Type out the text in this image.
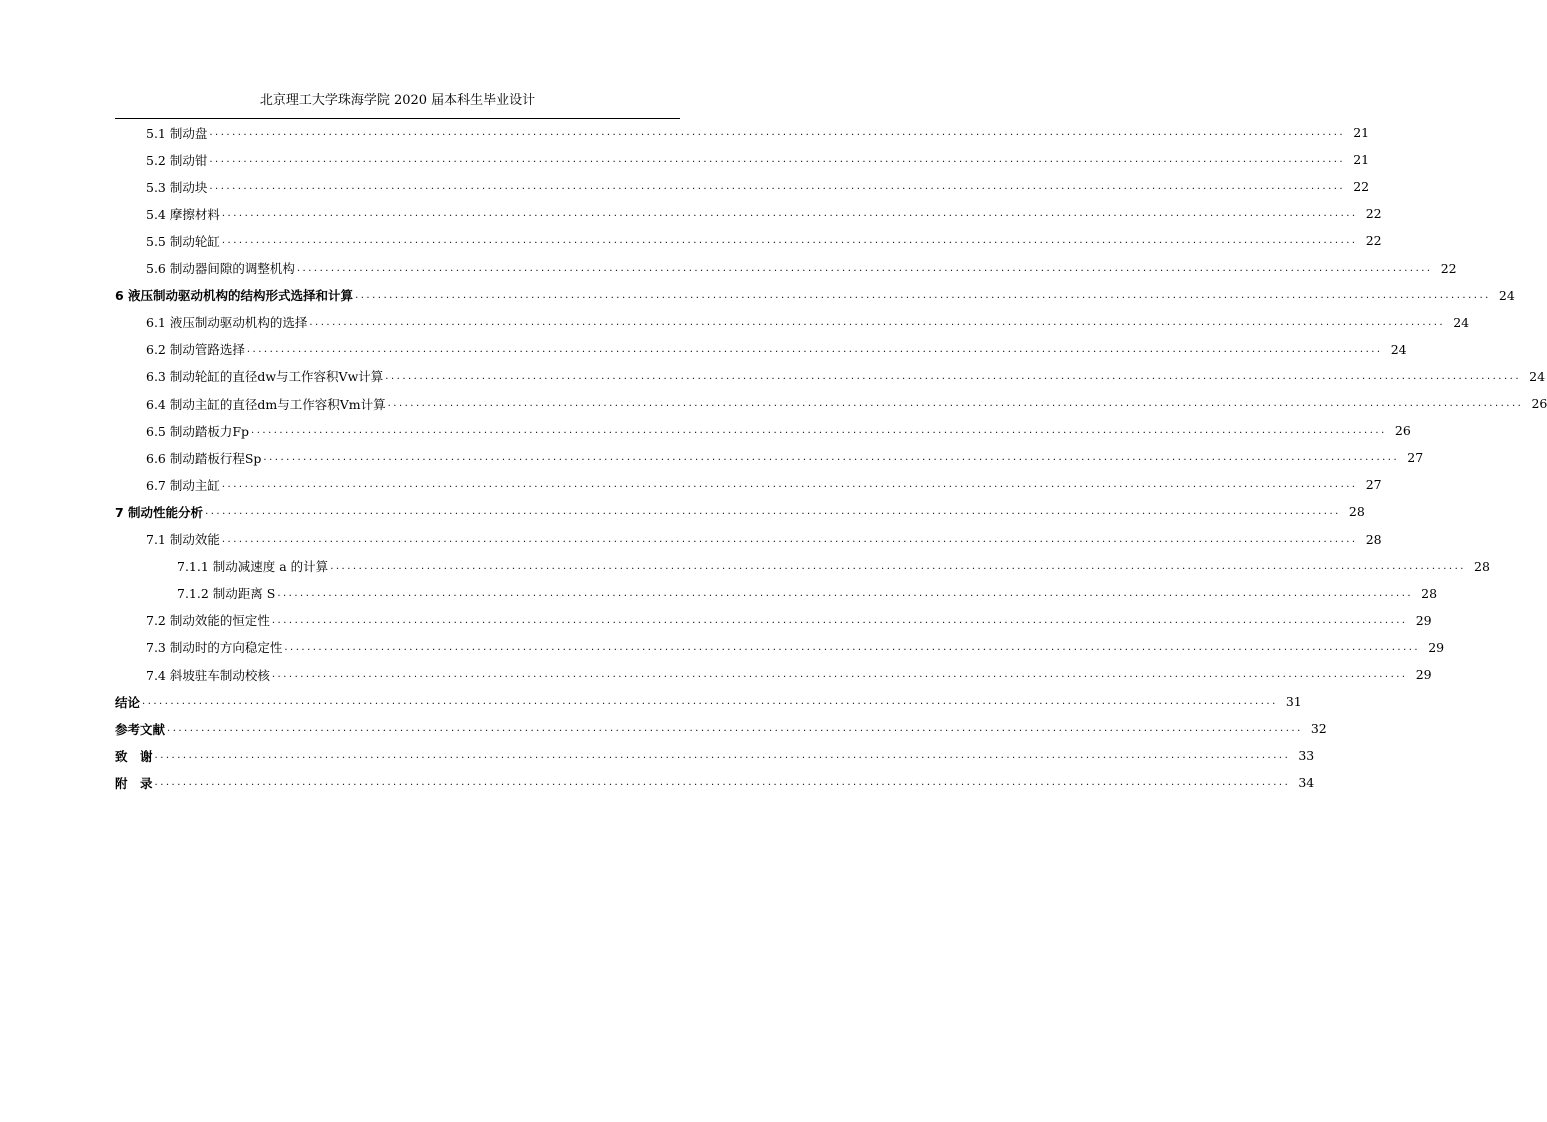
北京理工大学珠海学院 2020 届本科生毕业设计
5.1 制动盘 ........................................................................................................................................................................................................ 21
5.2 制动钳 ........................................................................................................................................................................................................ 21
5.3 制动块 ........................................................................................................................................................................................................ 22
5.4 摩擦材料 ........................................................................................................................................................................................................ 22
5.5 制动轮缸 ........................................................................................................................................................................................................ 22
5.6 制动器间隙的调整机构 ........................................................................................................................................................................................................ 22
6 液压制动驱动机构的结构形式选择和计算 ........................................................................................................................................................................................................ 24
6.1 液压制动驱动机构的选择 ........................................................................................................................................................................................................ 24
6.2 制动管路选择 ........................................................................................................................................................................................................ 24
6.3 制动轮缸的直径dw与工作容积Vw计算 ........................................................................................................................................................................................................ 24
6.4 制动主缸的直径dm与工作容积Vm计算 ........................................................................................................................................................................................................ 26
6.5 制动踏板力Fp ........................................................................................................................................................................................................ 26
6.6 制动踏板行程Sp ........................................................................................................................................................................................................ 27
6.7 制动主缸 ........................................................................................................................................................................................................ 27
7 制动性能分析 ........................................................................................................................................................................................................ 28
7.1 制动效能 ........................................................................................................................................................................................................ 28
7.1.1 制动减速度 a 的计算 ........................................................................................................................................................................................................ 28
7.1.2 制动距离 S ........................................................................................................................................................................................................ 28
7.2 制动效能的恒定性 ........................................................................................................................................................................................................ 29
7.3 制动时的方向稳定性 ........................................................................................................................................................................................................ 29
7.4 斜坡驻车制动校核 ........................................................................................................................................................................................................ 29
结论 ........................................................................................................................................................................................................ 31
参考文献 ........................................................................................................................................................................................................ 32
致　谢 ........................................................................................................................................................................................................ 33
附　录 ........................................................................................................................................................................................................ 34
